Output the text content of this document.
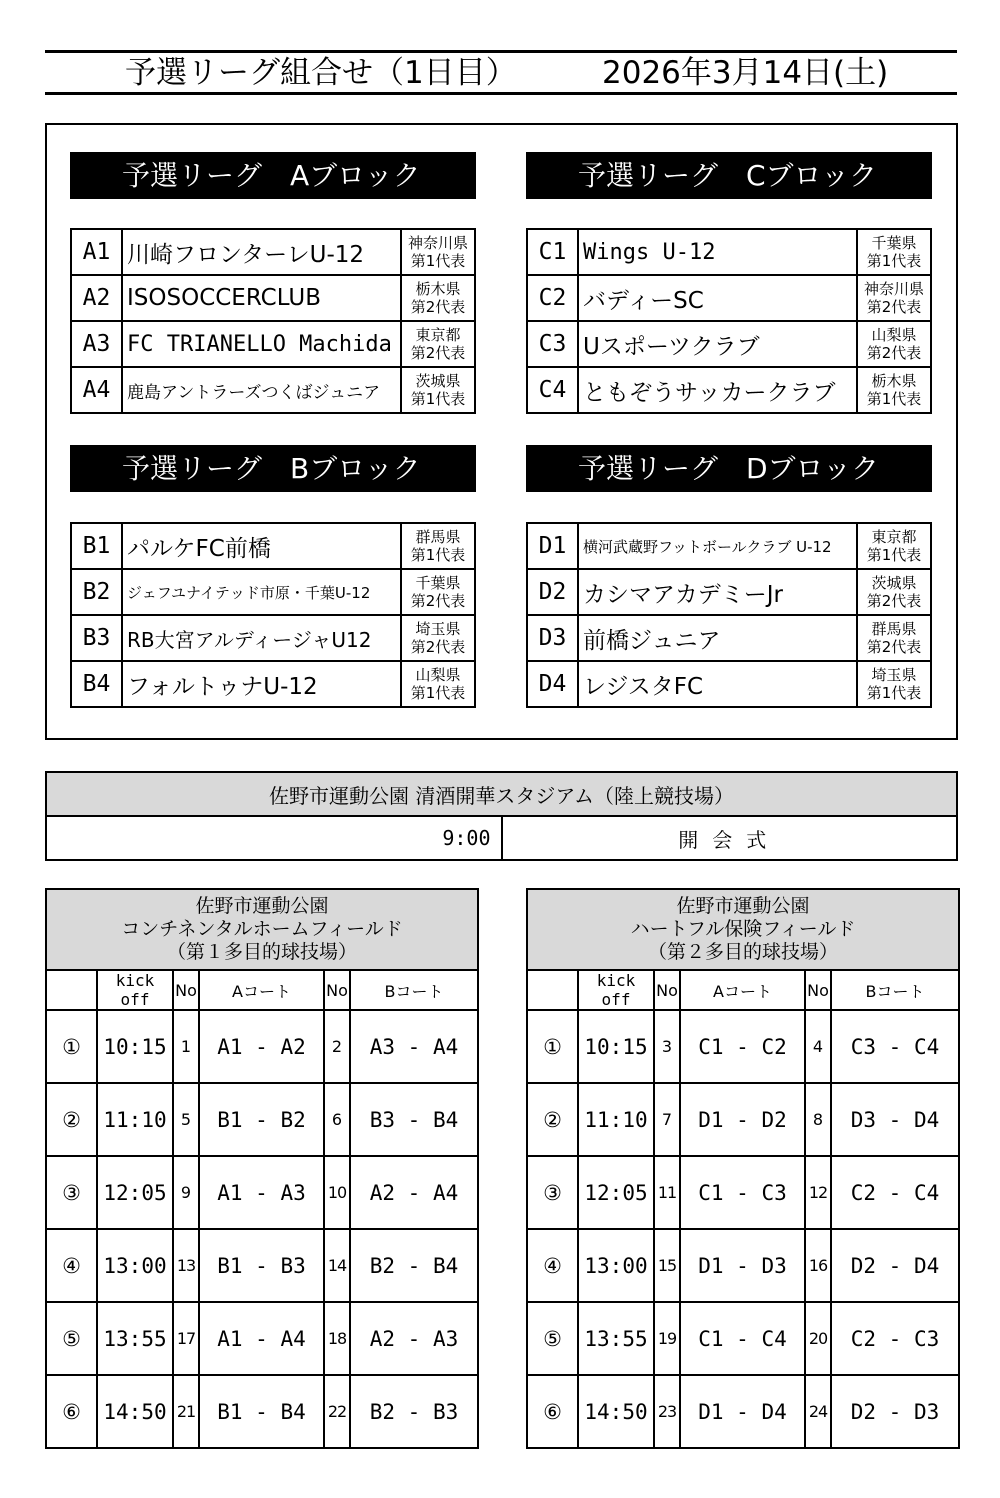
予選リーグ組合せ（1日目）	2026年3月14日(土)
予選リーグ　Aブロック
A1	川崎フロンターレU-12	神奈川県
第1代表

A2	ISOSOCCERCLUB	栃木県
第2代表

A3	FC TRIANELLO Machida	東京都
第2代表

A4	鹿島アントラーズつくばジュニア	茨城県
第1代表
予選リーグ　Cブロック
C1	Wings U-12	千葉県
第1代表

C2	バディーSC	神奈川県
第2代表

C3	Uスポーツクラブ	山梨県
第2代表

C4	ともぞうサッカークラブ	栃木県
第1代表
予選リーグ　Bブロック
B1	パルケFC前橋	群馬県
第1代表

B2	ジェフユナイテッド市原・千葉U-12	千葉県
第2代表

B3	RB大宮アルディージャU12	埼玉県
第2代表

B4	フォルトゥナU-12	山梨県
第1代表
予選リーグ　Dブロック
D1	横河武蔵野フットボールクラブ U-12	東京都
第1代表

D2	カシマアカデミーJr	茨城県
第2代表

D3	前橋ジュニア	群馬県
第2代表

D4	レジスタFC	埼玉県
第1代表
佐野市運動公園 清酒開華スタジアム（陸上競技場）
9:00	開会式
佐野市運動公園
コンチネンタルホームフィールド
（第１多目的球技場）					

	kick off	No	Aコート	No	Bコート
①	10:15	1	A1 - A2	2	A3 - A4
②	11:10	5	B1 - B2	6	B3 - B4
③	12:05	9	A1 - A3	10	A2 - A4
④	13:00	13	B1 - B3	14	B2 - B4
⑤	13:55	17	A1 - A4	18	A2 - A3
⑥	14:50	21	B1 - B4	22	B2 - B3
佐野市運動公園
ハートフル保険フィールド
（第２多目的球技場）					

	kick off	No	Aコート	No	Bコート
①	10:15	3	C1 - C2	4	C3 - C4
②	11:10	7	D1 - D2	8	D3 - D4
③	12:05	11	C1 - C3	12	C2 - C4
④	13:00	15	D1 - D3	16	D2 - D4
⑤	13:55	19	C1 - C4	20	C2 - C3
⑥	14:50	23	D1 - D4	24	D2 - D3
